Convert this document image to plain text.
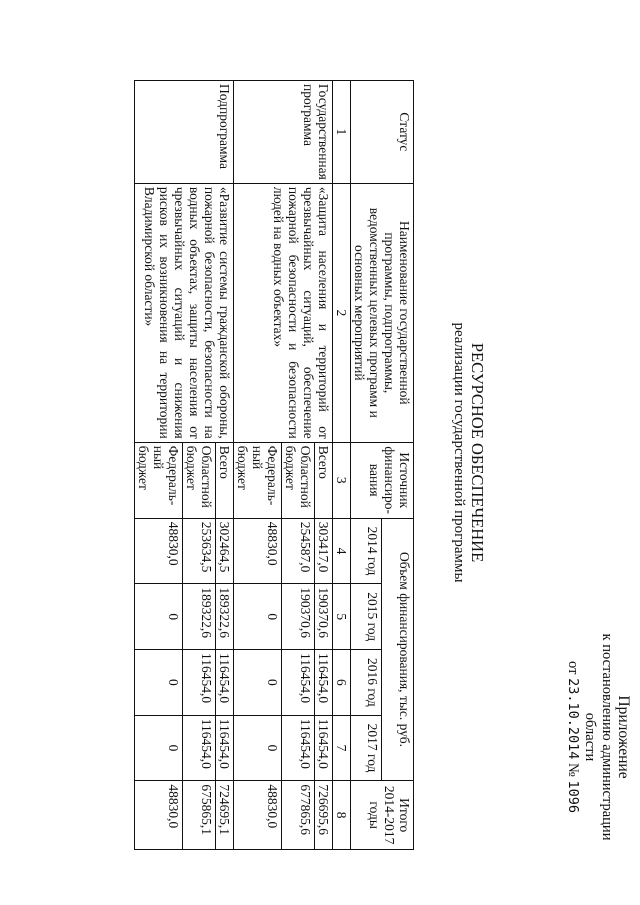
Приложение
к постановлению администрации
области
от 23.10.2014 № 1096
РЕСУРСНОЕ ОБЕСПЕЧЕНИЕ
реализации государственной программы
Статус	Наименование государственной программы, подпрограммы, ведомственных целевых программ и основных мероприятий	Источник финансиро-вания	Объем финансирования, тыс. руб.				Итого 2014-2017 годы
			2014 год	2015 год	2016 год	2017 год	
1	2	3	4	5	6	7	8
Государственная программа	«Защита населения и территорий от чрезвычайных ситуаций, обеспечение пожарной безопасности и безопасности людей на водных объектах»	Всего	303417,0	190370,6	116454,0	116454,0	726695,6
		Областной бюджет	254587,0	190370,6	116454,0	116454,0	677865,6
		Федераль-ный бюджет	48830,0	0	0	0	48830,0
Подпрограмма	«Развитие системы гражданской обороны, пожарной безопасности, безопасности на водных объектах, защиты населения от чрезвычайных ситуаций и снижения рисков их возникновения на территории Владимирской области»	Всего	302464,5	189322,6	116454,0	116454,0	724695,1
		Областной бюджет	253634,5	189322,6	116454,0	116454,0	675865,1
		Федераль-ный бюджет	48830,0	0	0	0	48830,0
